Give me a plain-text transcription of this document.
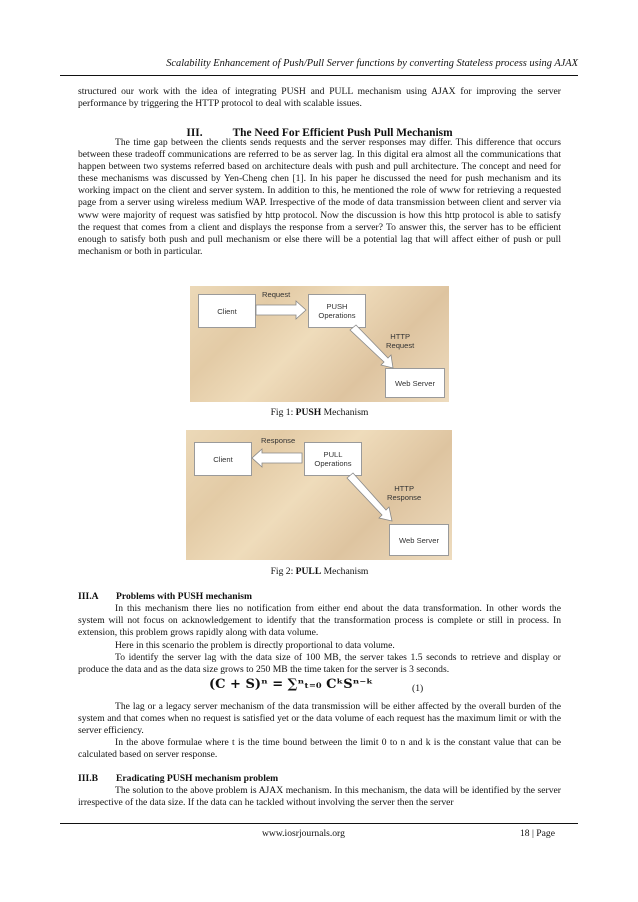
Scalability Enhancement of Push/Pull Server functions by converting Stateless process using AJAX

structured our work with the idea of integrating PUSH and PULL mechanism using AJAX for improving the server performance by triggering the HTTP protocol to deal with scalable issues.

III.	The Need For Efficient Push Pull Mechanism

The time gap between the clients sends requests and the server responses may differ. This difference that occurs between these tradeoff communications are referred to be as server lag. In this digital era almost all the communications that happen between two systems referred based on architecture deals with push and pull architecture. The concept and need for these mechanisms was discussed by Yen-Cheng chen [1]. In his paper he discussed the need for push mechanism and its working impact on the client and server system. In addition to this, he mentioned the role of www for retrieving a requested page from a server using wireless medium WAP. Irrespective of the mode of data transmission between client and server via www were majority of request was satisfied by http protocol. Now the discussion is how this http protocol is able to satisfy the request that comes from a client and displays the response from a server? To answer this, the server has to be efficient enough to satisfy both push and pull mechanism or else there will be a potential lag that will affect either of push or pull mechanism or both in particular.

Client
Request
PUSH
Operations
HTTP
Request
Web Server
Fig 1: PUSH Mechanism
Client
Response
PULL
Operations
HTTP
Response
Web Server
Fig 2: PULL Mechanism
III.A Problems with PUSH mechanism

In this mechanism there lies no notification from either end about the data transformation. In other words the system will not focus on acknowledgement to identify that the transformation process is complete or still in process. In extension, this problem grows rapidly along with data volume.

Here in this scenario the problem is directly proportional to data volume.

To identify the server lag with the data size of 100 MB, the server takes 1.5 seconds to retrieve and display or produce the data and as the data size grows to 250 MB the time taken for the server is 3 seconds.

(C + S)ⁿ = ∑ⁿₜ₌₀ CᵏSⁿ⁻ᵏ	(1)

The lag or a legacy server mechanism of the data transmission will be either affected by the overall burden of the system and that comes when no request is satisfied yet or the data volume of each request has the maximum limit or with the server efficiency.

In the above formulae where t is the time bound between the limit 0 to n and k is the constant value that can be calculated based on server response.

III.B Eradicating PUSH mechanism problem

The solution to the above problem is AJAX mechanism. In this mechanism, the data will be identified by the server irrespective of the data size. If the data can he tackled without involving the server then the server

www.iosrjournals.org	18 | Page
